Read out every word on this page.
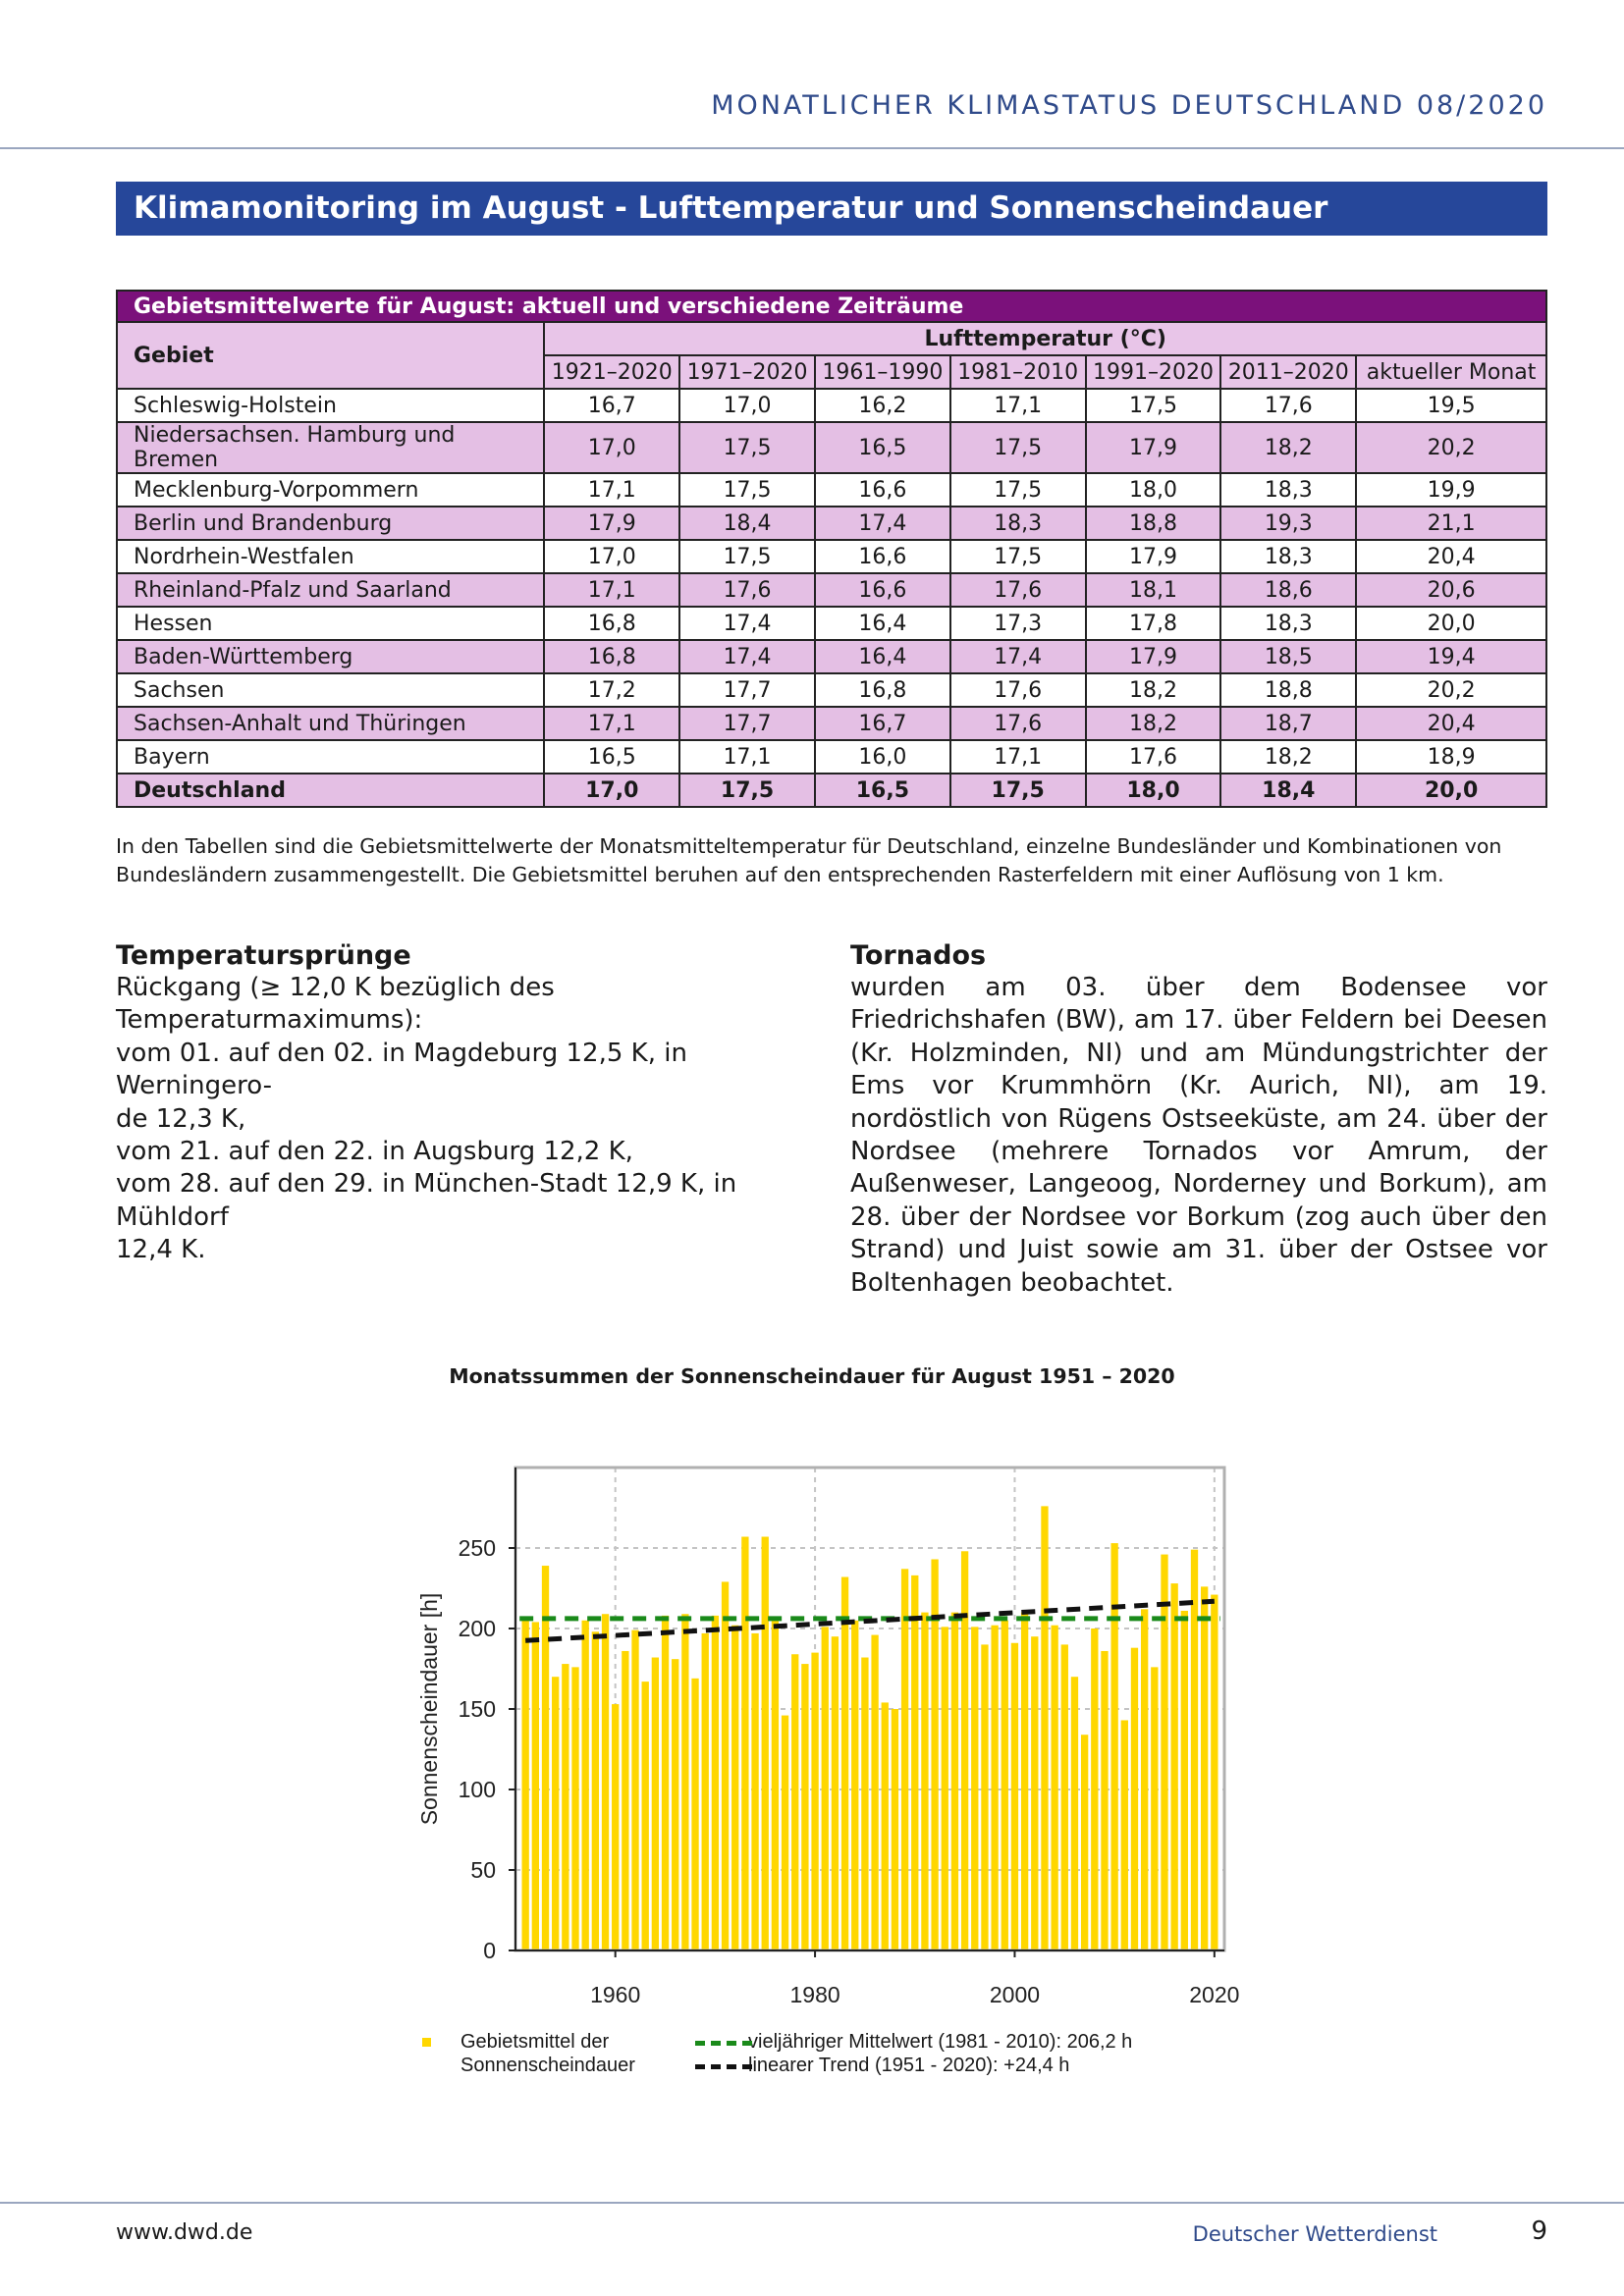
MONATLICHER KLIMASTATUS DEUTSCHLAND 08/2020
Klimamonitoring im August - Lufttemperatur und Sonnenscheindauer
Gebietsmittelwerte für August: aktuell und verschiedene Zeiträume							
Gebiet	Lufttemperatur (°C)						
	1921–2020	1971–2020	1961–1990	1981–2010	1991–2020	2011–2020	aktueller Monat
Schleswig-Holstein	16,7	17,0	16,2	17,1	17,5	17,6	19,5
Niedersachsen. Hamburg und Bremen	17,0	17,5	16,5	17,5	17,9	18,2	20,2
Mecklenburg-Vorpommern	17,1	17,5	16,6	17,5	18,0	18,3	19,9
Berlin und Brandenburg	17,9	18,4	17,4	18,3	18,8	19,3	21,1
Nordrhein-Westfalen	17,0	17,5	16,6	17,5	17,9	18,3	20,4
Rheinland-Pfalz und Saarland	17,1	17,6	16,6	17,6	18,1	18,6	20,6
Hessen	16,8	17,4	16,4	17,3	17,8	18,3	20,0
Baden-Württemberg	16,8	17,4	16,4	17,4	17,9	18,5	19,4
Sachsen	17,2	17,7	16,8	17,6	18,2	18,8	20,2
Sachsen-Anhalt und Thüringen	17,1	17,7	16,7	17,6	18,2	18,7	20,4
Bayern	16,5	17,1	16,0	17,1	17,6	18,2	18,9
Deutschland	17,0	17,5	16,5	17,5	18,0	18,4	20,0
In den Tabellen sind die Gebietsmittelwerte der Monatsmitteltemperatur für Deutschland, einzelne Bundesländer und Kombinationen von Bundesländern zusammengestellt. Die Gebietsmittel beruhen auf den entsprechenden Rasterfeldern mit einer Auflösung von 1 km.
Temperatursprünge
Rückgang (≥ 12,0 K bezüglich des Temperaturmaximums):
vom 01. auf den 02. in Magdeburg 12,5 K, in Werningero-
de 12,3 K,
vom 21. auf den 22. in Augsburg 12,2 K,
vom 28. auf den 29. in München-Stadt 12,9 K, in Mühldorf
12,4 K.
Tornados
wurden am 03. über dem Bodensee vor Friedrichshafen (BW), am 17. über Feldern bei Deesen (Kr. Holzminden, NI) und am Mündungstrichter der Ems vor Krummhörn (Kr. Aurich, NI), am 19. nordöstlich von Rügens Ostseeküste, am 24. über der Nordsee (mehrere Tornados vor Amrum, der Außenweser, Langeoog, Norderney und Borkum), am 28. über der Nordsee vor Borkum (zog auch über den Strand) und Juist sowie am 31. über der Ostsee vor Boltenhagen beobachtet.
Monatssummen der Sonnenscheindauer für August 1951 – 2020
1960	1980	2000	2020
0
50
100
150
200
250
Sonnenscheindauer [h]
Gebietsmittel der
Sonnenscheindauer
vieljähriger Mittelwert (1981 - 2010): 206,2 h
linearer Trend (1951 - 2020): +24,4 h
www.dwd.de	Deutscher Wetterdienst	9
